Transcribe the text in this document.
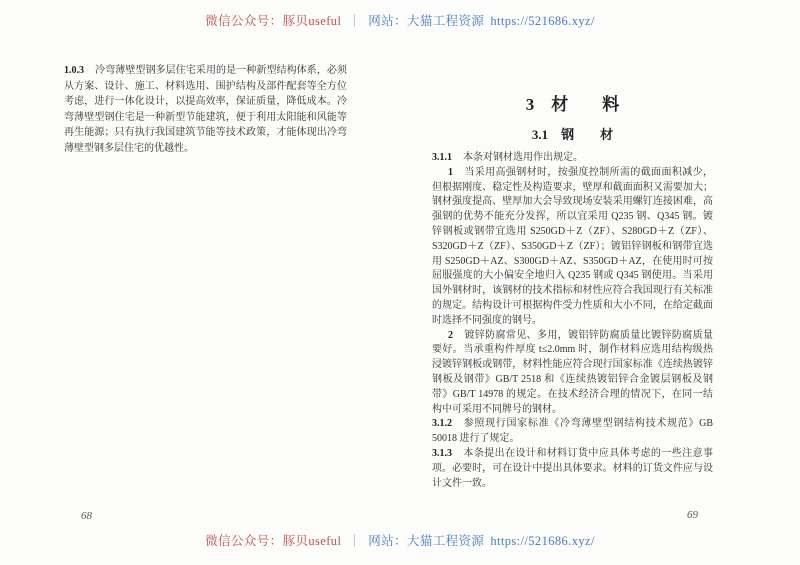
微信公众号：豚贝useful ｜ 网站：大猫工程资源 https://521686.xyz/

1.0.3 冷弯薄壁型钢多层住宅采用的是一种新型结构体系，必须从方案、设计、施工、材料选用、围护结构及部件配套等全方位考虑，进行一体化设计，以提高效率，保证质量，降低成本。冷弯薄壁型钢住宅是一种新型节能建筑，便于利用太阳能和风能等再生能源；只有执行我国建筑节能等技术政策，才能体现出冷弯薄壁型钢多层住宅的优越性。

3　材　　料
3.1　钢　　材

3.1.1 本条对钢材选用作出规定。

1 当采用高强钢材时，按强度控制所需的截面面积减少，但根据刚度、稳定性及构造要求，壁厚和截面面积又需要加大；钢材强度提高、壁厚加大会导致现场安装采用螺钉连接困难，高强钢的优势不能充分发挥，所以宜采用 Q235 钢、Q345 钢。镀锌钢板或钢带宜选用 S250GD＋Z（ZF）、S280GD＋Z（ZF）、S320GD＋Z（ZF）、S350GD＋Z（ZF）；镀铝锌钢板和钢带宜选用 S250GD＋AZ、S300GD＋AZ、S350GD＋AZ，在使用时可按屈服强度的大小偏安全地归入 Q235 钢或 Q345 钢使用。当采用国外钢材时，该钢材的技术指标和材性应符合我国现行有关标准的规定。结构设计可根据构件受力性质和大小不同，在给定截面时选择不同强度的钢号。

2 镀锌防腐常见、多用，镀铝锌防腐质量比镀锌防腐质量要好。当承重构件厚度 t≤2.0mm 时，制作材料应选用结构级热浸镀锌钢板或钢带，材料性能应符合现行国家标准《连续热镀锌钢板及钢带》GB/T 2518 和《连续热镀铝锌合金镀层钢板及钢带》GB/T 14978 的规定。在技术经济合理的情况下，在同一结构中可采用不同牌号的钢材。

3.1.2 参照现行国家标准《冷弯薄壁型钢结构技术规范》GB 50018 进行了规定。

3.1.3 本条提出在设计和材料订货中应具体考虑的一些注意事项。必要时，可在设计中提出具体要求。材料的订货文件应与设计文件一致。

68	69
微信公众号：豚贝useful ｜ 网站：大猫工程资源 https://521686.xyz/
